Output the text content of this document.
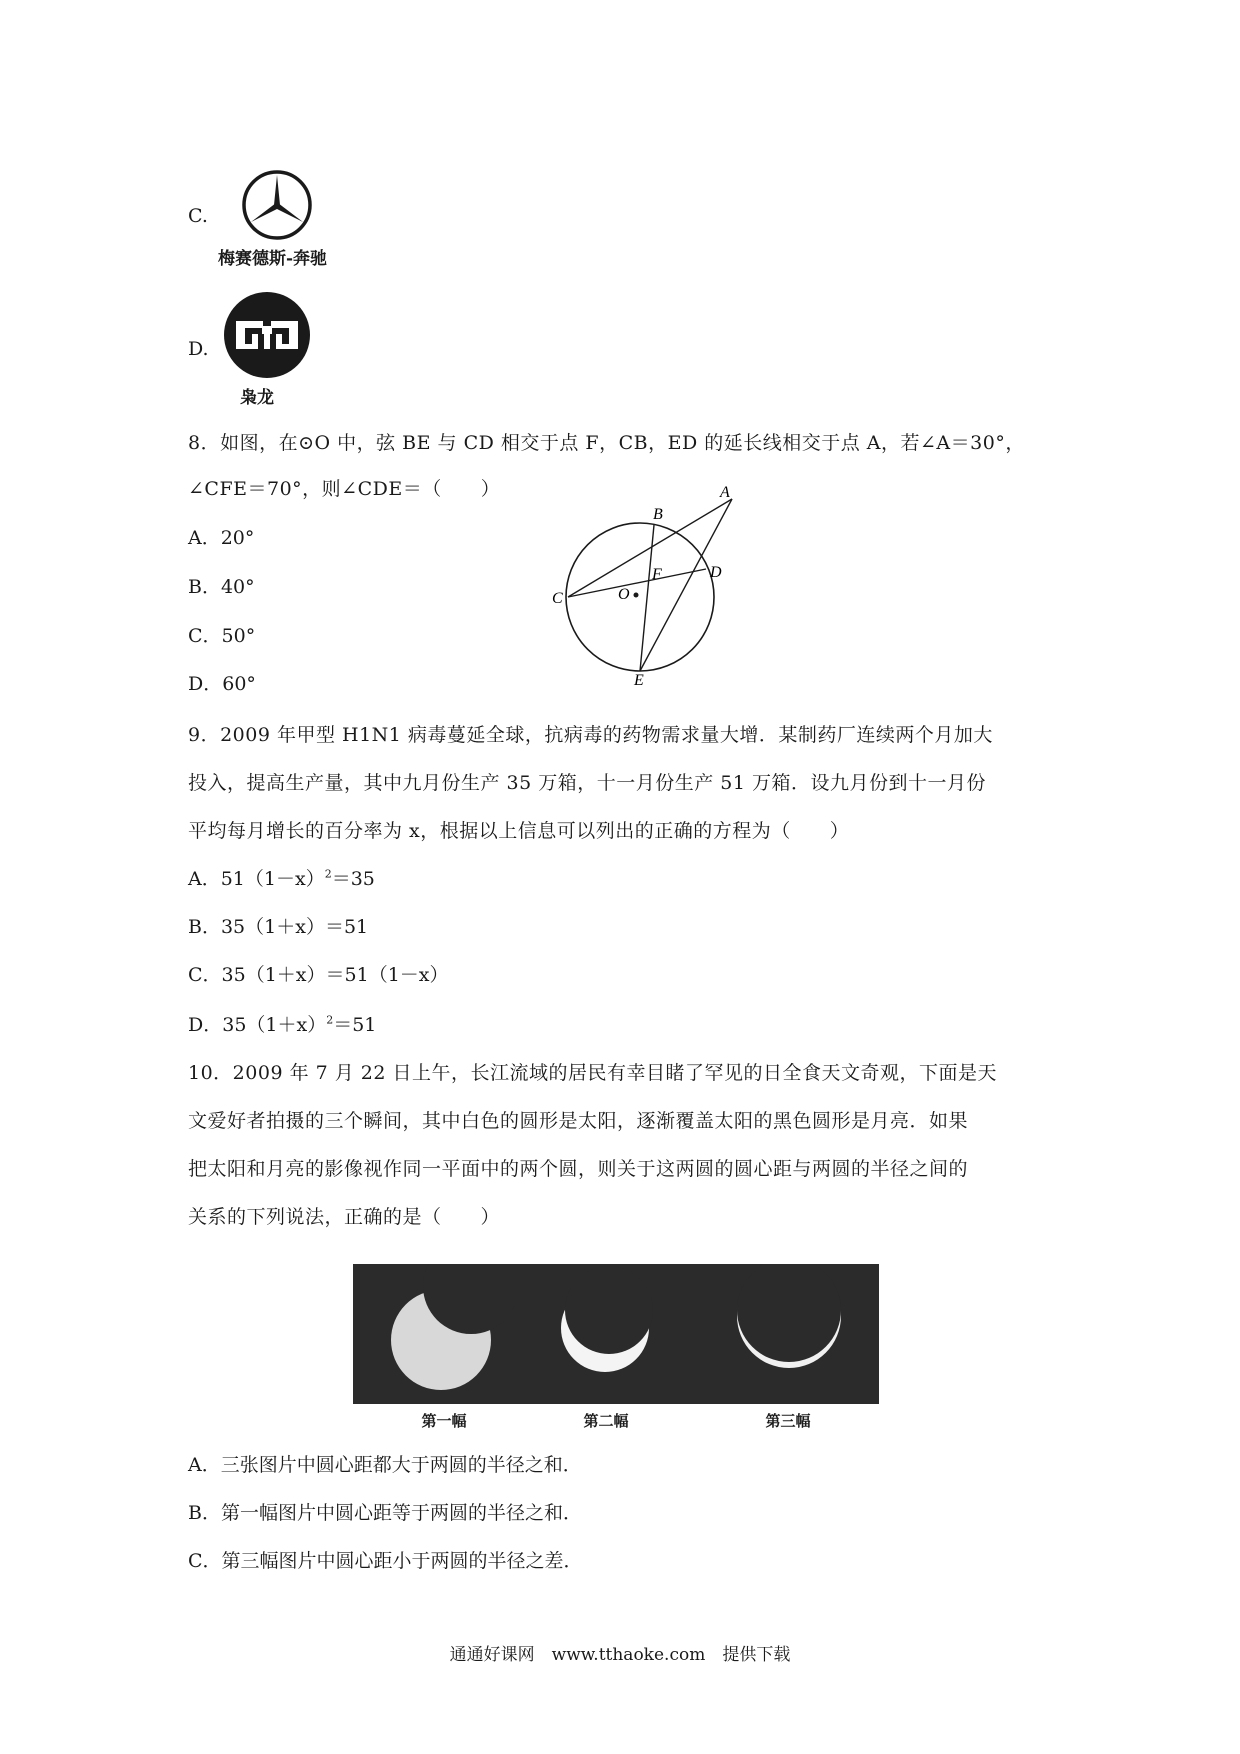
C.
梅赛德斯-奔驰
D.
枭龙
8．如图，在⊙O 中，弦 BE 与 CD 相交于点 F，CB，ED 的延长线相交于点 A，若∠A＝30°，
∠CFE＝70°，则∠CDE＝（　　）
A．20°
B．40°
C．50°
D．60°
A
B
C
D
E
F
O
9．2009 年甲型 H1N1 病毒蔓延全球，抗病毒的药物需求量大增．某制药厂连续两个月加大
投入，提高生产量，其中九月份生产 35 万箱，十一月份生产 51 万箱．设九月份到十一月份
平均每月增长的百分率为 x，根据以上信息可以列出的正确的方程为（　　）
A．$51(1-x)^2=35$
B．35（1＋x）＝51
C．35（1＋x）＝51（1－x）
D．$35(1+x)^2=51$
10．2009 年 7 月 22 日上午，长江流域的居民有幸目睹了罕见的日全食天文奇观，下面是天
文爱好者拍摄的三个瞬间，其中白色的圆形是太阳，逐渐覆盖太阳的黑色圆形是月亮．如果
把太阳和月亮的影像视作同一平面中的两个圆，则关于这两圆的圆心距与两圆的半径之间的
关系的下列说法，正确的是（　　）
第一幅	第二幅	第三幅
A．三张图片中圆心距都大于两圆的半径之和．
B．第一幅图片中圆心距等于两圆的半径之和．
C．第三幅图片中圆心距小于两圆的半径之差．
通通好课网　www.tthaoke.com　提供下载
